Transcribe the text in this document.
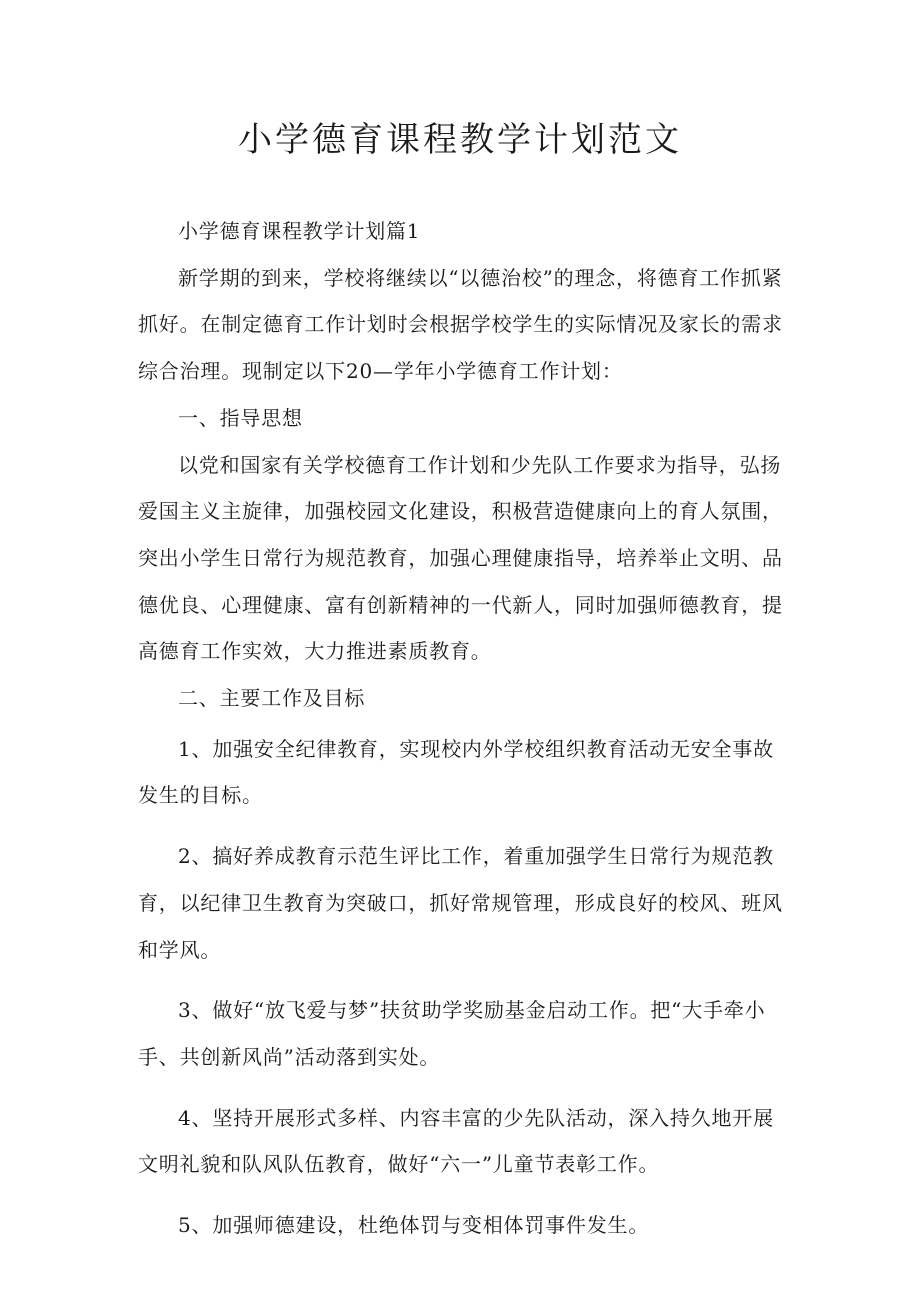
小学德育课程教学计划范文

小学德育课程教学计划篇1

新学期的到来，学校将继续以“以德治校”的理念，将德育工作抓紧抓好。在制定德育工作计划时会根据学校学生的实际情况及家长的需求综合治理。现制定以下20—学年小学德育工作计划：

一、指导思想

以党和国家有关学校德育工作计划和少先队工作要求为指导，弘扬爱国主义主旋律，加强校园文化建设，积极营造健康向上的育人氛围，突出小学生日常行为规范教育，加强心理健康指导，培养举止文明、品德优良、心理健康、富有创新精神的一代新人，同时加强师德教育，提高德育工作实效，大力推进素质教育。

二、主要工作及目标

1、加强安全纪律教育，实现校内外学校组织教育活动无安全事故发生的目标。

2、搞好养成教育示范生评比工作，着重加强学生日常行为规范教育，以纪律卫生教育为突破口，抓好常规管理，形成良好的校风、班风和学风。

3、做好“放飞爱与梦”扶贫助学奖励基金启动工作。把“大手牵小手、共创新风尚”活动落到实处。

4、坚持开展形式多样、内容丰富的少先队活动，深入持久地开展文明礼貌和队风队伍教育，做好“六一”儿童节表彰工作。

5、加强师德建设，杜绝体罚与变相体罚事件发生。
